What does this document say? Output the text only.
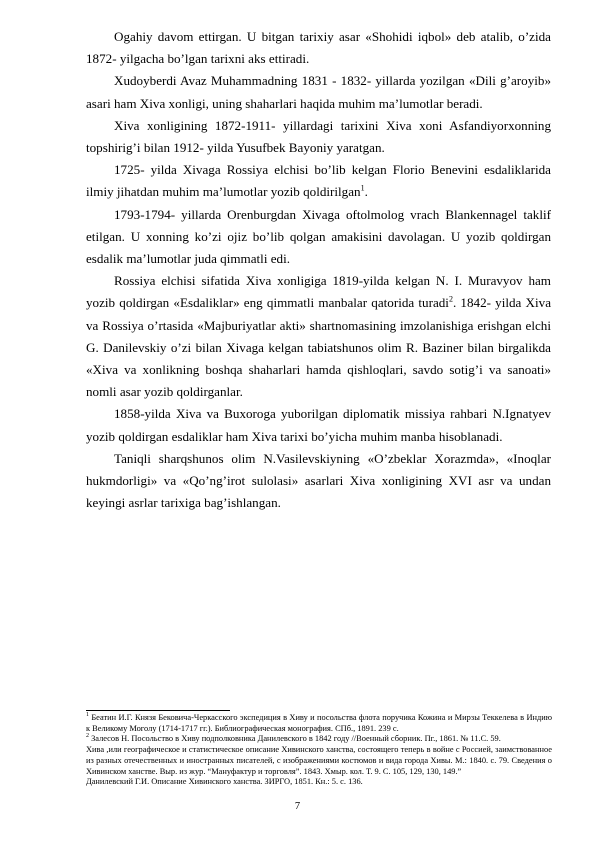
Ogahiy davom ettirgan. U bitgan tarixiy asar «Shohidi iqbol» deb atalib, o’zida 1872- yilgacha bo’lgan tarixni aks ettiradi.

Xudoyberdi Avaz Muhammadning 1831 - 1832- yillarda yozilgan «Dili g’aroyib» asari ham Xiva xonligi, uning shaharlari haqida muhim ma’lumotlar beradi.

Xiva xonligining 1872-1911- yillardagi tarixini Xiva xoni Asfandiyorxonning topshirig’i bilan 1912- yilda Yusufbek Bayoniy yaratgan.

1725- yilda Xivaga Rossiya elchisi bo’lib kelgan Florio Benevini esdaliklarida ilmiy jihatdan muhim ma’lumotlar yozib qoldirilgan$^1$.

1793-1794- yillarda Orenburgdan Xivaga oftolmolog vrach Blankennagel taklif etilgan. U xonning ko’zi ojiz bo’lib qolgan amakisini davolagan. U yozib qoldirgan esdalik ma’lumotlar juda qimmatli edi.

Rossiya elchisi sifatida Xiva xonligiga 1819-yilda kelgan N. I. Muravyov ham yozib qoldirgan «Esdaliklar» eng qimmatli manbalar qatorida turadi$^2$. 1842- yilda Xiva va Rossiya o’rtasida «Majburiyatlar akti» shartnomasining imzolanishiga erishgan elchi G. Danilevskiy o’zi bilan Xivaga kelgan tabiatshunos olim R. Baziner bilan birgalikda «Xiva va xonlikning boshqa shaharlari hamda qishloqlari, savdo sotig’i va sanoati» nomli asar yozib qoldirganlar.

1858-yilda Xiva va Buxoroga yuborilgan diplomatik missiya rahbari N.Ignatyev yozib qoldirgan esdaliklar ham Xiva tarixi bo’yicha muhim manba hisoblanadi.

Taniqli sharqshunos olim N.Vasilevskiyning «O’zbeklar Xorazmda», «Inoqlar hukmdorligi» va «Qo’ng’irot sulolasi» asarlari Xiva xonligining XVI asr va undan keyingi asrlar tarixiga bag’ishlangan.

$^1$ Беатин И.Г. Князя Бековича-Черкасского экспедиция в Хиву и посольства флота поручика Кожина и Мирзы Теккелева в Индию к Великому Моголу (1714-1717 гг.). Библиографическая монография. СПб., 1891. 239 с.

$^2$ Залесов Н. Посольство в Хиву подполковника Данилевского в 1842 году //Военный сборник. Пг., 1861. № 11.С. 59.

Хива ,или географическое и статистическое описание Хивинского ханства, состоящего теперь в войне с Россией, заимствованное из разных отечественных и иностранных писателей, с изображениями костюмов и вида города Хивы. М.: 1840. с. 79. Сведения о Хивинском ханстве. Выр. из жур. “Мануфактур и торговля”. 1843. Хмыр. кол. Т. 9. С. 105, 129, 130, 149.”

Данилевский Г.И. Описание Хивинского ханства. ЗИРГО, 1851. Кн.: 5. с. 136.

7
